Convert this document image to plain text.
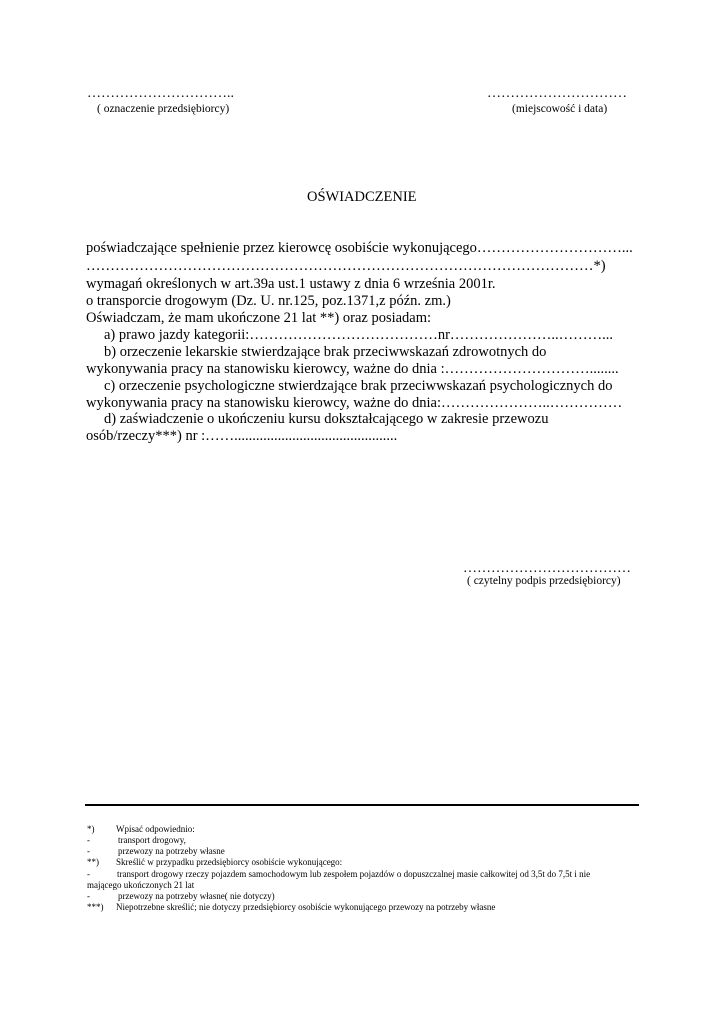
…………………………..
( oznaczenie przedsiębiorcy)
…………………………
(miejscowość i data)
OŚWIADCZENIE
poświadczające spełnienie przez kierowcę osobiście wykonującego…………………………...
……………………………………………………………………………………………*)
wymagań określonych w art.39a ust.1 ustawy z dnia 6 września 2001r.
o transporcie drogowym (Dz. U. nr.125, poz.1371,z późn. zm.)
Oświadczam, że mam ukończone 21 lat **) oraz posiadam:
a) prawo jazdy kategorii:…………………………………nr…………………..………...
b) orzeczenie lekarskie stwierdzające brak przeciwwskazań zdrowotnych do
wykonywania pracy na stanowisku kierowcy, ważne do dnia :…………………………........
c) orzeczenie psychologiczne stwierdzające brak przeciwwskazań psychologicznych do
wykonywania pracy na stanowisku kierowcy, ważne do dnia:…………………..……………
d) zaświadczenie o ukończeniu kursu dokształcającego w zakresie przewozu
osób/rzeczy***) nr :…….............................................
………………………………
( czytelny podpis przedsiębiorcy)
*) Wpisać odpowiednio:
-	transport drogowy,
-	przewozy na potrzeby własne
**) Skreślić w przypadku przedsiębiorcy osobiście wykonującego:
-	transport drogowy rzeczy pojazdem samochodowym lub zespołem pojazdów o dopuszczalnej masie całkowitej od 3,5t do 7,5t i nie
mającego ukończonych 21 lat
-	przewozy na potrzeby własne( nie dotyczy)
***) Niepotrzebne skreślić; nie dotyczy przedsiębiorcy osobiście wykonującego przewozy na potrzeby własne
